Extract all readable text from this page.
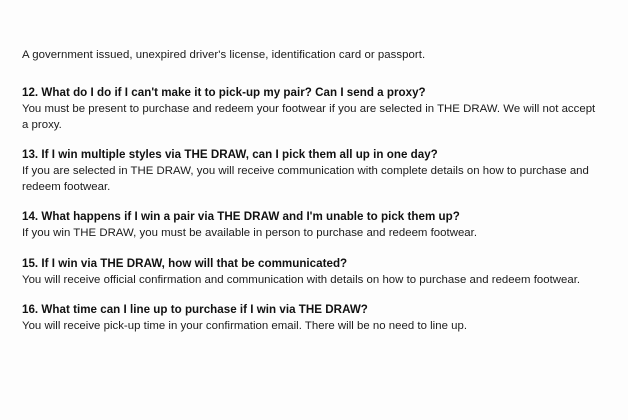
A government issued, unexpired driver's license, identification card or passport.

12. What do I do if I can't make it to pick-up my pair? Can I send a proxy?

You must be present to purchase and redeem your footwear if you are selected in THE DRAW. We will not accept a proxy.

13. If I win multiple styles via THE DRAW, can I pick them all up in one day?

If you are selected in THE DRAW, you will receive communication with complete details on how to purchase and redeem footwear.

14. What happens if I win a pair via THE DRAW and I'm unable to pick them up?

If you win THE DRAW, you must be available in person to purchase and redeem footwear.

15. If I win via THE DRAW, how will that be communicated?

You will receive official confirmation and communication with details on how to purchase and redeem footwear.

16. What time can I line up to purchase if I win via THE DRAW?

You will receive pick-up time in your confirmation email. There will be no need to line up.
